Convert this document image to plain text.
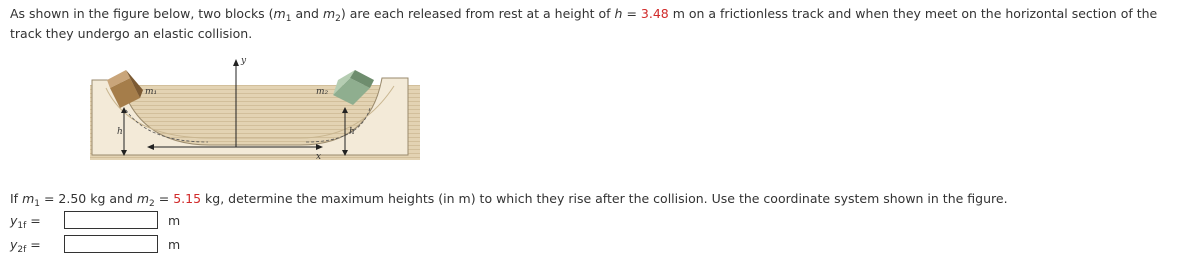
As shown in the figure below, two blocks ($m_1$ and $m_2$) are each released from rest at a height of h = 3.48 m on a frictionless track and when they meet on the horizontal section of the
track they undergo an elastic collision.
y
x
m₁	m₂
h	h
If $m_1 = 2.50$ kg and $m_2 = 5.15$ kg, determine the maximum heights (in m) to which they rise after the collision. Use the coordinate system shown in the figure.
$y_{1f}$ =	m
$y_{2f}$ =	m
